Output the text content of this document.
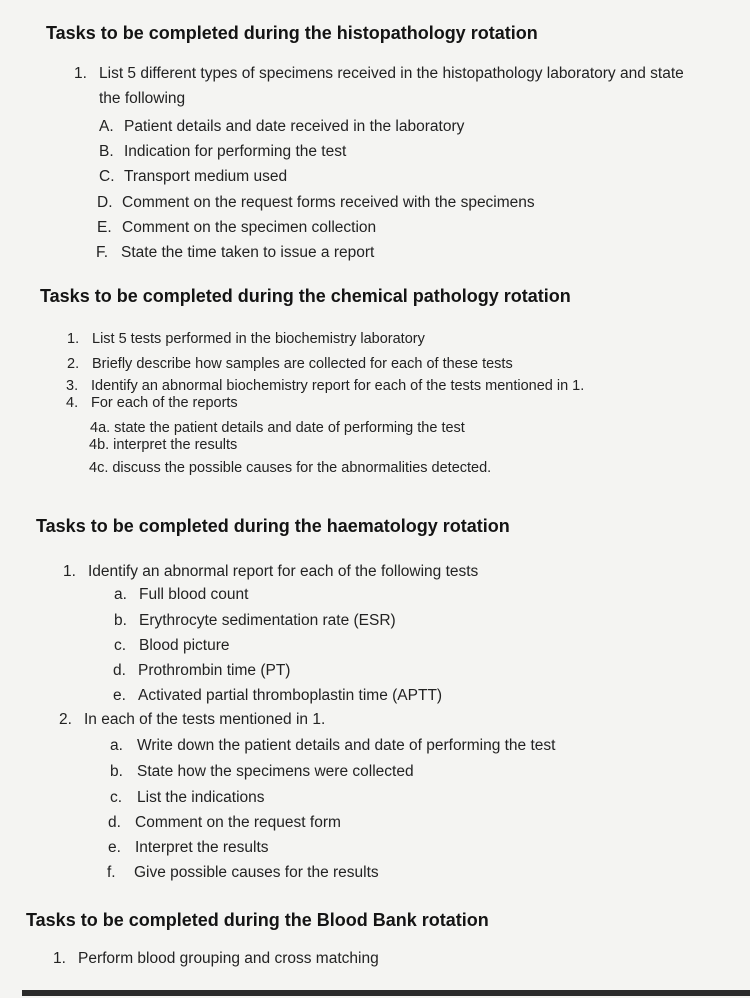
Tasks to be completed during the histopathology rotation
1. List 5 different types of specimens received in the histopathology laboratory and state
the following
A. Patient details and date received in the laboratory
B. Indication for performing the test
C. Transport medium used
D. Comment on the request forms received with the specimens
E. Comment on the specimen collection
F. State the time taken to issue a report
Tasks to be completed during the chemical pathology rotation
1. List 5 tests performed in the biochemistry laboratory
2. Briefly describe how samples are collected for each of these tests
3. Identify an abnormal biochemistry report for each of the tests mentioned in 1.
4. For each of the reports
4a. state the patient details and date of performing the test
4b. interpret the results
4c. discuss the possible causes for the abnormalities detected.
Tasks to be completed during the haematology rotation
1. Identify an abnormal report for each of the following tests
a. Full blood count
b. Erythrocyte sedimentation rate (ESR)
c. Blood picture
d. Prothrombin time (PT)
e. Activated partial thromboplastin time (APTT)
2. In each of the tests mentioned in 1.
a. Write down the patient details and date of performing the test
b. State how the specimens were collected
c. List the indications
d. Comment on the request form
e. Interpret the results
f. Give possible causes for the results
Tasks to be completed during the Blood Bank rotation
1. Perform blood grouping and cross matching
